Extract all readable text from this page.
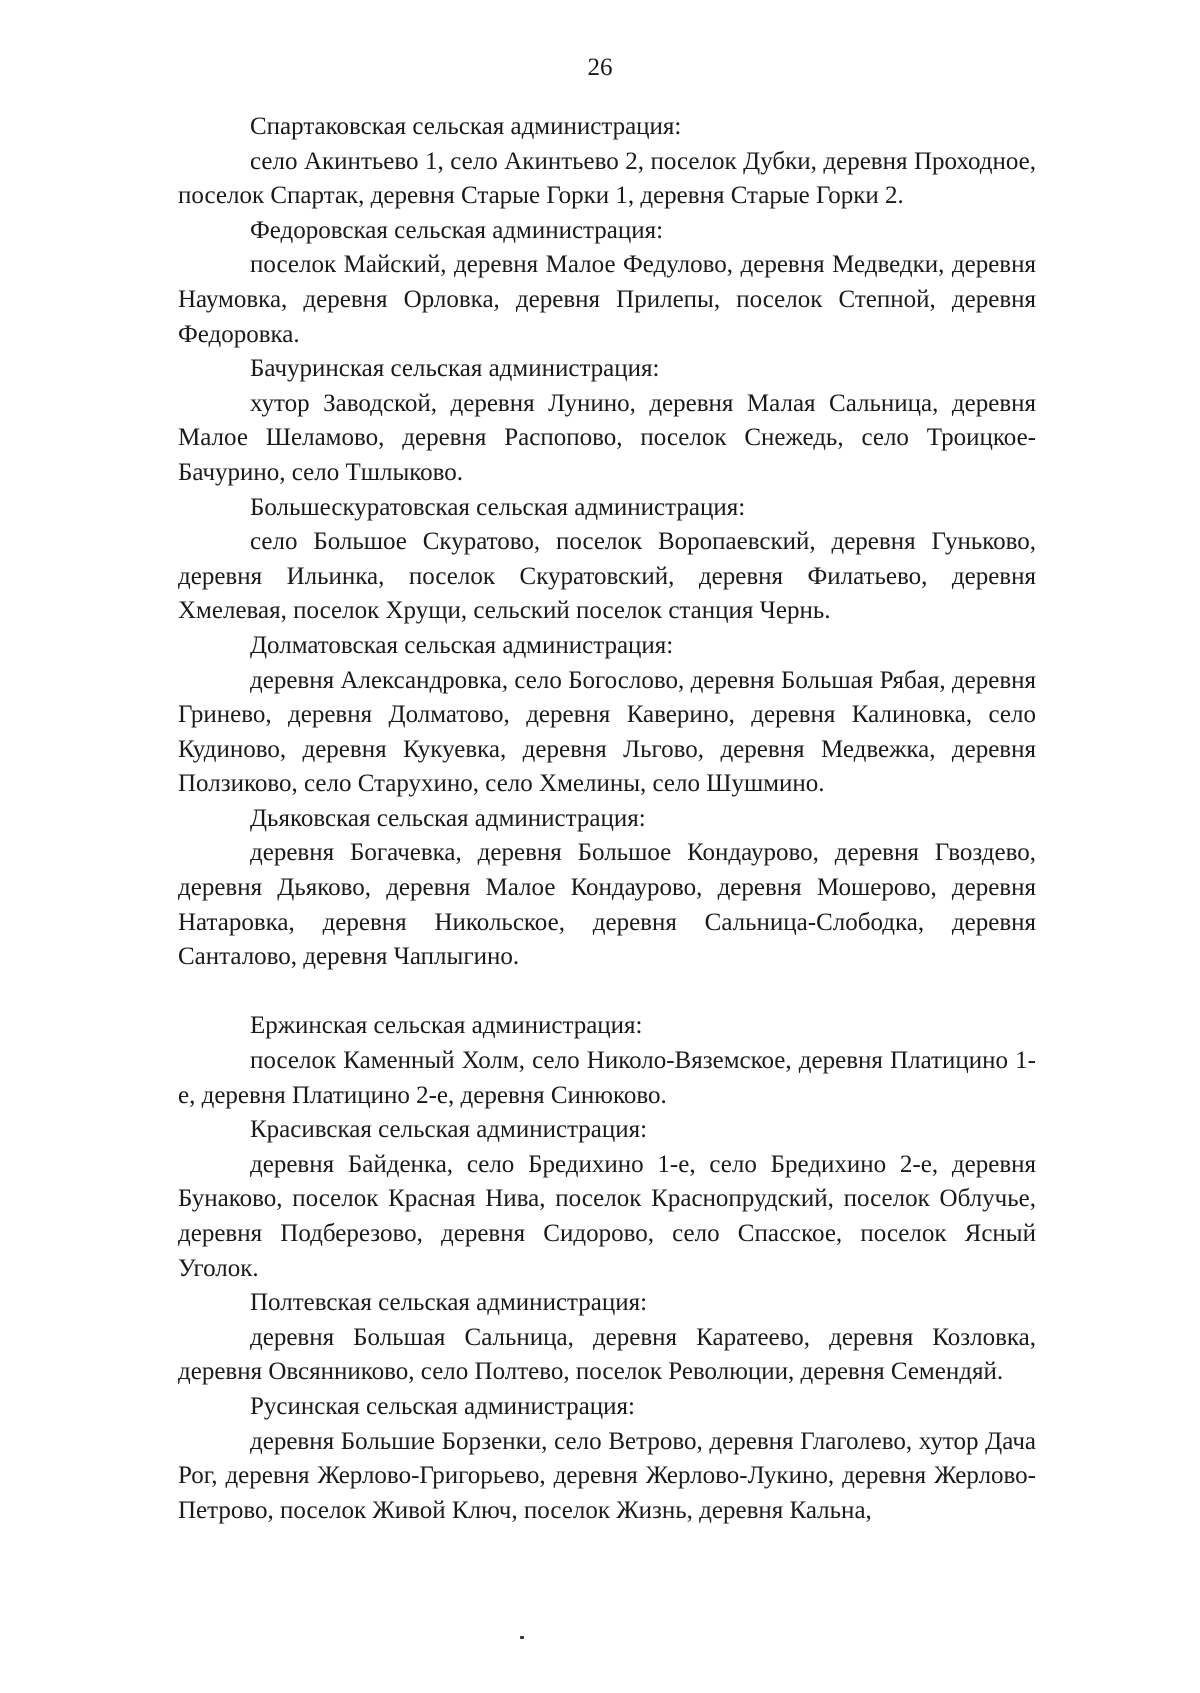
26

Спартаковская сельская администрация:

село Акинтьево 1, село Акинтьево 2, поселок Дубки, деревня Проходное, поселок Спартак, деревня Старые Горки 1, деревня Старые Горки 2.

Федоровская сельская администрация:

поселок Майский, деревня Малое Федулово, деревня Медведки, деревня Наумовка, деревня Орловка, деревня Прилепы, поселок Степной, деревня Федоровка.

Бачуринская сельская администрация:

хутор Заводской, деревня Лунино, деревня Малая Сальница, деревня Малое Шеламово, деревня Распопово, поселок Снежедь, село Троицкое-Бачурино, село Тшлыково.

Большескуратовская сельская администрация:

село Большое Скуратово, поселок Воропаевский, деревня Гуньково, деревня Ильинка, поселок Скуратовский, деревня Филатьево, деревня Хмелевая, поселок Хрущи, сельский поселок станция Чернь.

Долматовская сельская администрация:

деревня Александровка, село Богослово, деревня Большая Рябая, деревня Гринево, деревня Долматово, деревня Каверино, деревня Калиновка, село Кудиново, деревня Кукуевка, деревня Льгово, деревня Медвежка, деревня Ползиково, село Старухино, село Хмелины, село Шушмино.

Дьяковская сельская администрация:

деревня Богачевка, деревня Большое Кондаурово, деревня Гвоздево, деревня Дьяково, деревня Малое Кондаурово, деревня Мошерово, деревня Натаровка, деревня Никольское, деревня Сальница-Слободка, деревня Санталово, деревня Чаплыгино.

Ержинская сельская администрация:

поселок Каменный Холм, село Николо-Вяземское, деревня Платицино 1-е, деревня Платицино 2-е, деревня Синюково.

Красивская сельская администрация:

деревня Байденка, село Бредихино 1-е, село Бредихино 2-е, деревня Бунаково, поселок Красная Нива, поселок Краснопрудский, поселок Облучье, деревня Подберезово, деревня Сидорово, село Спасское, поселок Ясный Уголок.

Полтевская сельская администрация:

деревня Большая Сальница, деревня Каратеево, деревня Козловка, деревня Овсянниково, село Полтево, поселок Революции, деревня Семендяй.

Русинская сельская администрация:

деревня Большие Борзенки, село Ветрово, деревня Глаголево, хутор Дача Рог, деревня Жерлово-Григорьево, деревня Жерлово-Лукино, деревня Жерлово-Петрово, поселок Живой Ключ, поселок Жизнь, деревня Кальна,
